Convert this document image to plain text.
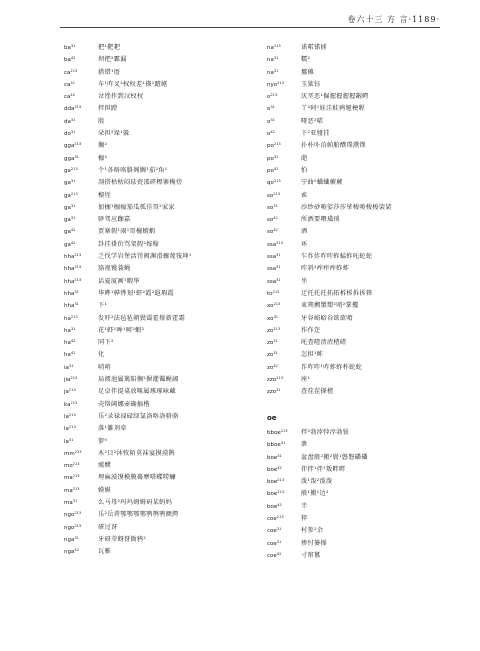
卷六十三 方 言·1189·
$ba^{31}$	把¹靶耙
$ba^{42}$	坝把²霸漏
$ca^{213}$	措错¹厝
$ca^{31}$	车¹咋叉²权杈差¹搽¹蹅岖
$ca^{42}$	岔锉拃到汉杈杈
dda$^{213}$	拌担蹬
$da^{31}$	殷
$do^{31}$	朵担²垛¹躲
gga$^{213}$	搁²
gga$^{31}$	枷²
$ga^{213}$	个¹各咯咯胳阁搁¹茄²角¹
$ga^{31}$	剖搭枯枯闷珐瓷邵碎檫寨桷傍
$ga^{213}$	榱垤
$ga^{31}$	加枷¹枷痂笳瓜孤佳哥²家家
$ga^{31}$	驿驾应跏嘉
$ga^{42}$	贾寨假¹闹¹哥檀蝦蝦
$ga^{42}$	卦挂褂价骂架假²嫁稼
hha$^{213}$	乏伐学岩堡活罚阀渊滑骤蔑筏坤¹
hha$^{213}$	貉视镬蓑蝇
hha$^{213}$	话夏厦画¹暇华
hha$^{31}$	华晔¹骅铧划¹虾²霞²遐瑕霞
hha$^{31}$	下¹
$ha^{213}$	发吓²法毡毡朝鬓霭霍鬃新霍霜
$ha^{31}$	花¹虾¹哞¹呵²蝦²
$ha^{42}$	同下²
$ha^{42}$	化
$ia^{31}$	哨哨
jia$^{213}$	局阅池属篱陷搁²摒灌镯蝇阔
$ja^{213}$	足卓伴提桌放啄属琢琢咏藏
$ka^{213}$	壳恪阔娜壶确搞楷
$la^{213}$	乐²录禄禄碌绿氯洛咯洛骆骆
$la^{213}$	落¹雒剂牵
$la^{31}$	箩⁰
$mm^{213}$	木²目²沐牧陌莫袜宴摸漠鹊
$mo^{213}$	瘼醭
$ma^{213}$	埋麻漠馍模膜蓦摩嗒蝶唠蠊
$ma^{213}$	嫫嫫
$ma^{31}$	么马母²玛玛姆姆码某蚂妈
ngo$^{213}$	乐²岳谔鄂鄂鄂鄂鹗鹗鹗额腭
ngo$^{213}$	研过讶
nga$^{31}$	牙砑芽蚜伢衙鸦²
nga$^{42}$	瓦雅
$na^{213}$	诺喏锘掳
$na^{31}$	糯²
$na^{31}$	挪傩
nyo$^{213}$	玉狱钰
$o^{213}$	厌垩恶¹倔握握握握龌鳄
$o^{31}$	丫²阿¹娃洼蛙鸦娅梗喔
$o^{31}$	哑恶²喏
$o^{42}$	下²亚娅挂
$po^{213}$	扑朴卟泊帕舶醭璞濮镤
$po^{31}$	葩
$po^{42}$	怕
$qo^{213}$	宁曲²蛐蛐蕨蕨
$so^{213}$	索
$so^{31}$	沙纱砂唆娑莎莎挲梭唆梭梭裟裟
$so^{42}$	所洒要喂璜琐
$so^{42}$	洒
ssa$^{213}$	环
ssa$^{31}$	乍炸炸咋咋蚱蜢蚱吒蛇蛇
ssa$^{31}$	咋斜²痄痄痄蚱蚱
ssa$^{31}$	坐
$to^{213}$	迁托托托拓拓柝柝拆拆箨
$xo^{213}$	束朔搠槊槊²哨²掌攫
$xo^{31}$	牙谷峪峪谷欲欲唷
$zo^{213}$	作作迮
$zo^{31}$	吒查喳渣渣楂碴
$zo^{31}$	怎担¹鲊
$zo^{42}$	诈咋咋¹咋蚱蚱柞蛇蛇
zzo$^{213}$	座¹
zzo$^{31}$	查茬茬搽楂
oe
bboe$^{213}$	拌²勃浡悖淳勃钹
bboe$^{31}$	泄
boe$^{31}$	盆盘般²搬²鬓¹磐磐磻磻
boe$^{42}$	伴拌¹伴¹叛畔畔
boe$^{213}$	泼¹泼²泼泼
boe$^{213}$	般¹搬¹边²
boe$^{42}$	半
coe$^{213}$	猝
coe$^{31}$	村参²余
coe$^{31}$	惨忖篓掸
coe$^{42}$	寸窜篡
